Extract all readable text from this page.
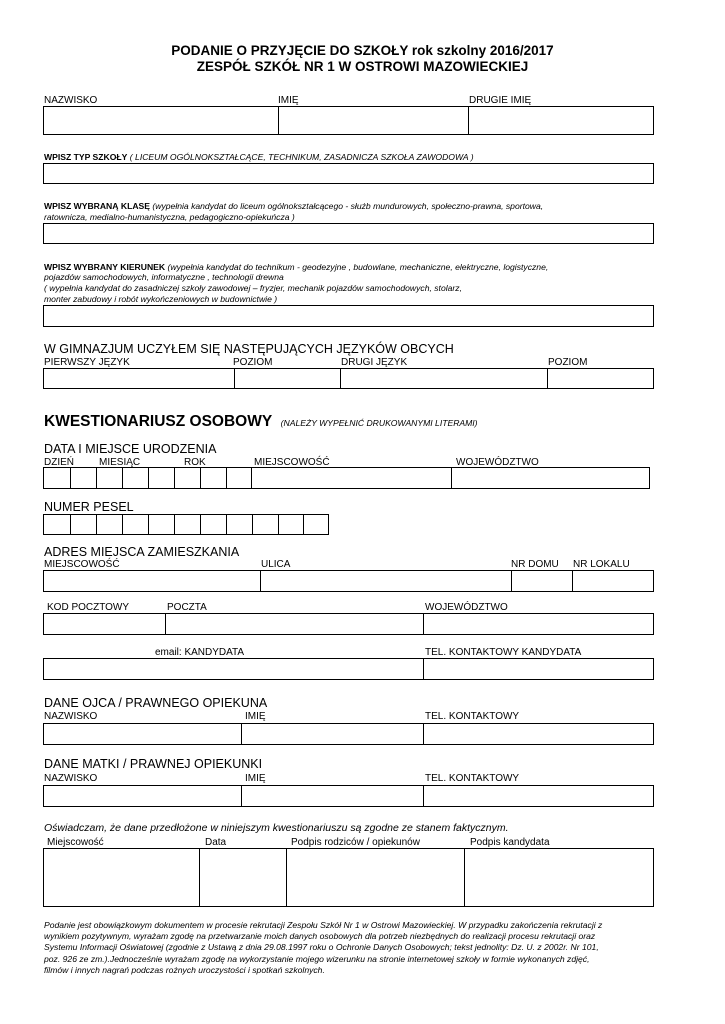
PODANIE O PRZYJĘCIE DO SZKOŁY rok szkolny 2016/2017
ZESPÓŁ SZKÓŁ NR 1 W OSTROWI MAZOWIECKIEJ
NAZWISKO	IMIĘ	DRUGIE IMIĘ
WPISZ TYP SZKOŁY ( LICEUM OGÓLNOKSZTAŁCĄCE, TECHNIKUM, ZASADNICZA SZKOŁA ZAWODOWA )
WPISZ WYBRANĄ KLASĘ (wypełnia kandydat do liceum ogólnokształcącego - służb mundurowych, społeczno-prawna, sportowa,
ratownicza, medialno-humanistyczna, pedagogiczno-opiekuńcza )
WPISZ WYBRANY KIERUNEK (wypełnia kandydat do technikum - geodezyjne , budowlane, mechaniczne, elektryczne, logistyczne,
pojazdów samochodowych, informatyczne , technologii drewna
( wypełnia kandydat do zasadniczej szkoły zawodowej – fryzjer, mechanik pojazdów samochodowych, stolarz,
monter zabudowy i robót wykończeniowych w budownictwie )
W GIMNAZJUM UCZYŁEM SIĘ NASTĘPUJĄCYCH JĘZYKÓW OBCYCH
PIERWSZY JĘZYK	POZIOM	DRUGI JĘZYK	POZIOM
KWESTIONARIUSZ OSOBOWY (NALEŻY WYPEŁNIĆ DRUKOWANYMI LITERAMI)
DATA I MIEJSCE URODZENIA
DZIEŃ	MIESIĄC	ROK	MIEJSCOWOŚĆ	WOJEWÓDZTWO
NUMER PESEL
ADRES MIEJSCA ZAMIESZKANIA
MIEJSCOWOŚĆ	ULICA	NR DOMU NR LOKALU
KOD POCZTOWY	POCZTA	WOJEWÓDZTWO
email: KANDYDATA	TEL. KONTAKTOWY KANDYDATA
DANE OJCA / PRAWNEGO OPIEKUNA
NAZWISKO	IMIĘ	TEL. KONTAKTOWY
DANE MATKI / PRAWNEJ OPIEKUNKI
NAZWISKO	IMIĘ	TEL. KONTAKTOWY
Oświadczam, że dane przedłożone w niniejszym kwestionariuszu są zgodne ze stanem faktycznym.
Miejscowość	Data	Podpis rodziców / opiekunów	Podpis kandydata
Podanie jest obowiązkowym dokumentem w procesie rekrutacji Zespołu Szkół Nr 1 w Ostrowi Mazowieckiej. W przypadku zakończenia rekrutacji z
wynikiem pozytywnym, wyrażam zgodę na przetwarzanie moich danych osobowych dla potrzeb niezbędnych do realizacji procesu rekrutacji oraz
Systemu Informacji Oświatowej (zgodnie z Ustawą z dnia 29.08.1997 roku o Ochronie Danych Osobowych; tekst jednolity: Dz. U. z 2002r. Nr 101,
poz. 926 ze zm.).Jednocześnie wyrażam zgodę na wykorzystanie mojego wizerunku na stronie internetowej szkoły w formie wykonanych zdjęć,
filmów i innych nagrań podczas rożnych uroczystości i spotkań szkolnych.
